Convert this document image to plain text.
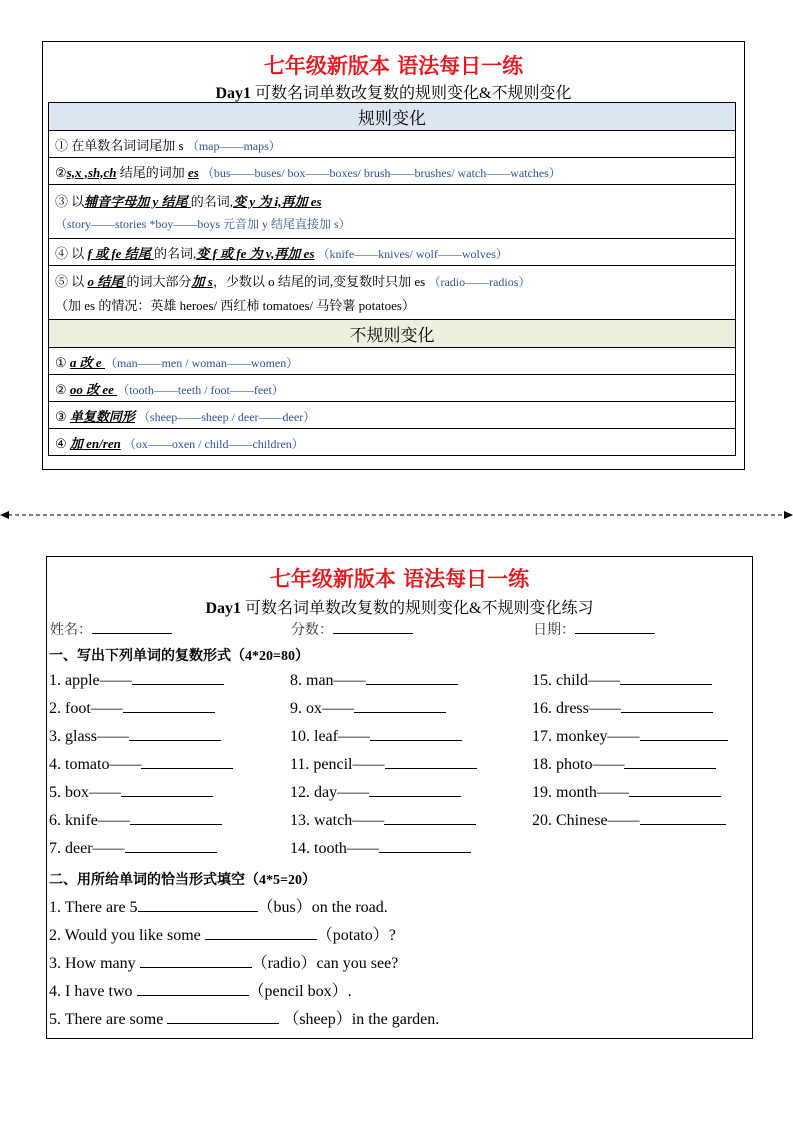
七年级新版本 语法每日一练
Day1 可数名词单数改复数的规则变化&不规则变化
规则变化
① 在单数名词词尾加 s （map——maps）
②s,x ,sh,ch 结尾的词加 es （bus——buses/ box——boxes/ brush——brushes/ watch——watches）
③ 以辅音字母加 y 结尾 的名词,变 y 为 i,再加 es
（story——stories *boy——boys 元音加 y 结尾直接加 s）

④ 以 f 或 fe 结尾 的名词,变 f 或 fe 为 v,再加 es （knife——knives/ wolf——wolves）
⑤ 以 o 结尾 的词大部分加 s，少数以 o 结尾的词,变复数时只加 es （radio——radios）
（加 es 的情况：英雄 heroes/ 西红柿 tomatoes/ 马铃薯 potatoes）

不规则变化
① a 改 e （man——men / woman——women）
② oo 改 ee （tooth——teeth / foot——feet）
③ 单复数同形 （sheep——sheep / deer——deer）
④ 加 en/ren （ox——oxen / child——children）
七年级新版本 语法每日一练
Day1 可数名词单数改复数的规则变化&不规则变化练习
姓名：	分数：	日期：
一、写出下列单词的复数形式（4*20=80）
1. apple——
2. foot——
3. glass——
4. tomato——
5. box——
6. knife——
7. deer——
8. man——
9. ox——
10. leaf——
11. pencil——
12. day——
13. watch——
14. tooth——
15. child——
16. dress——
17. monkey——
18. photo——
19. month——
20. Chinese——
二、用所给单词的恰当形式填空（4*5=20）
1. There are 5	（bus）on the road.
2. Would you like some	（potato）?
3. How many	（radio）can you see?
4. I have two	（pencil box）.
5. There are some	（sheep）in the garden.
